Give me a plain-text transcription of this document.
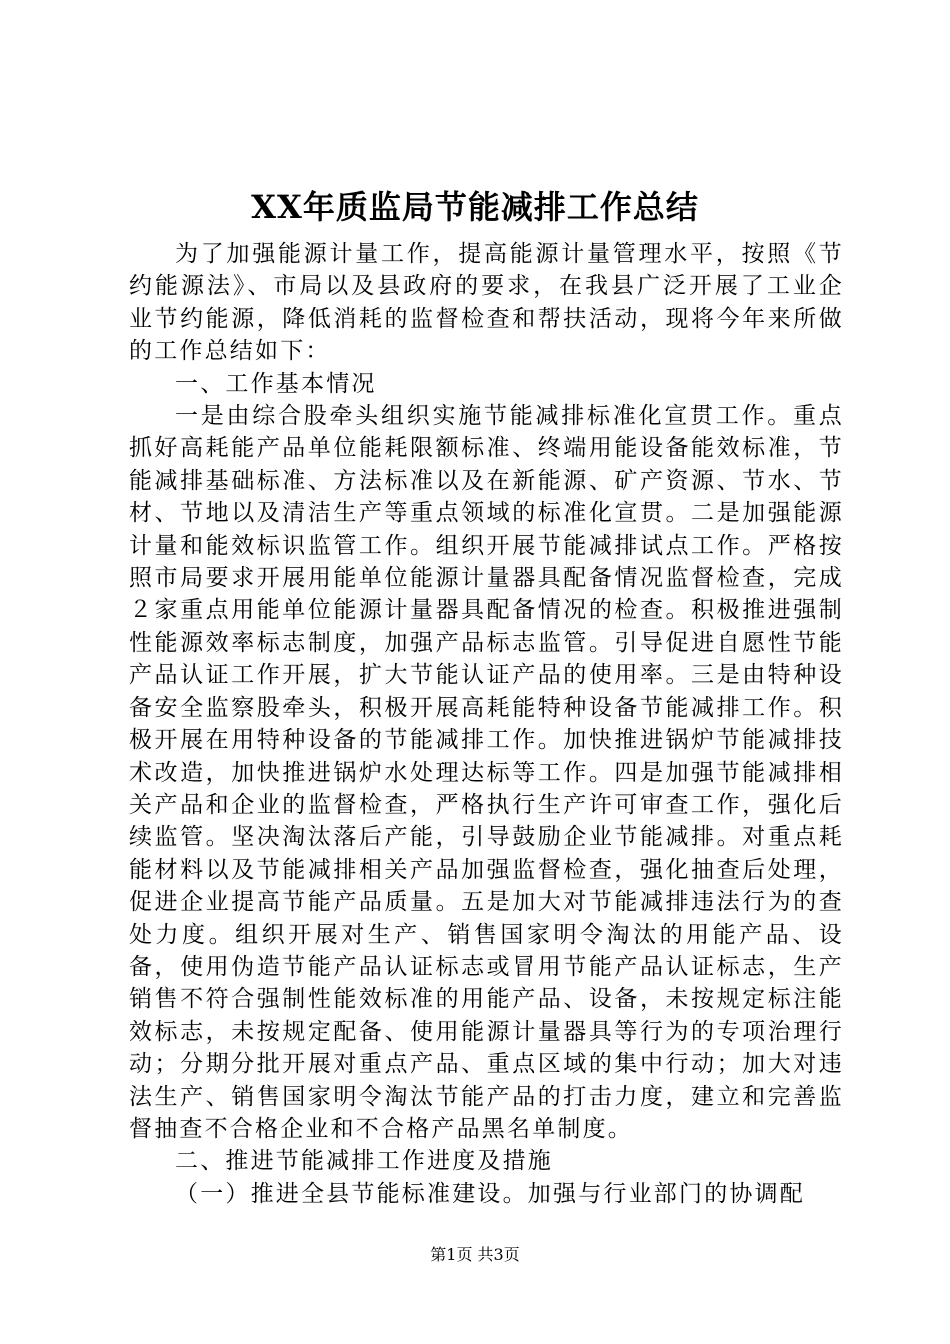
XX年质监局节能减排工作总结

为了加强能源计量工作，提高能源计量管理水平，按照《节约能源法》、市局以及县政府的要求，在我县广泛开展了工业企业节约能源，降低消耗的监督检查和帮扶活动，现将今年来所做的工作总结如下：

一、工作基本情况

一是由综合股牵头组织实施节能减排标准化宣贯工作。重点抓好高耗能产品单位能耗限额标准、终端用能设备能效标准，节能减排基础标准、方法标准以及在新能源、矿产资源、节水、节材、节地以及清洁生产等重点领域的标准化宣贯。二是加强能源计量和能效标识监管工作。组织开展节能减排试点工作。严格按照市局要求开展用能单位能源计量器具配备情况监督检查，完成２家重点用能单位能源计量器具配备情况的检查。积极推进强制性能源效率标志制度，加强产品标志监管。引导促进自愿性节能产品认证工作开展，扩大节能认证产品的使用率。三是由特种设备安全监察股牵头，积极开展高耗能特种设备节能减排工作。积极开展在用特种设备的节能减排工作。加快推进锅炉节能减排技术改造，加快推进锅炉水处理达标等工作。四是加强节能减排相关产品和企业的监督检查，严格执行生产许可审查工作，强化后续监管。坚决淘汰落后产能，引导鼓励企业节能减排。对重点耗能材料以及节能减排相关产品加强监督检查，强化抽查后处理，促进企业提高节能产品质量。五是加大对节能减排违法行为的查处力度。组织开展对生产、销售国家明令淘汰的用能产品、设备，使用伪造节能产品认证标志或冒用节能产品认证标志，生产销售不符合强制性能效标准的用能产品、设备，未按规定标注能效标志，未按规定配备、使用能源计量器具等行为的专项治理行动；分期分批开展对重点产品、重点区域的集中行动；加大对违法生产、销售国家明令淘汰节能产品的打击力度，建立和完善监督抽查不合格企业和不合格产品黑名单制度。

二、推进节能减排工作进度及措施

（一）推进全县节能标准建设。加强与行业部门的协调配

第1页 共3页
